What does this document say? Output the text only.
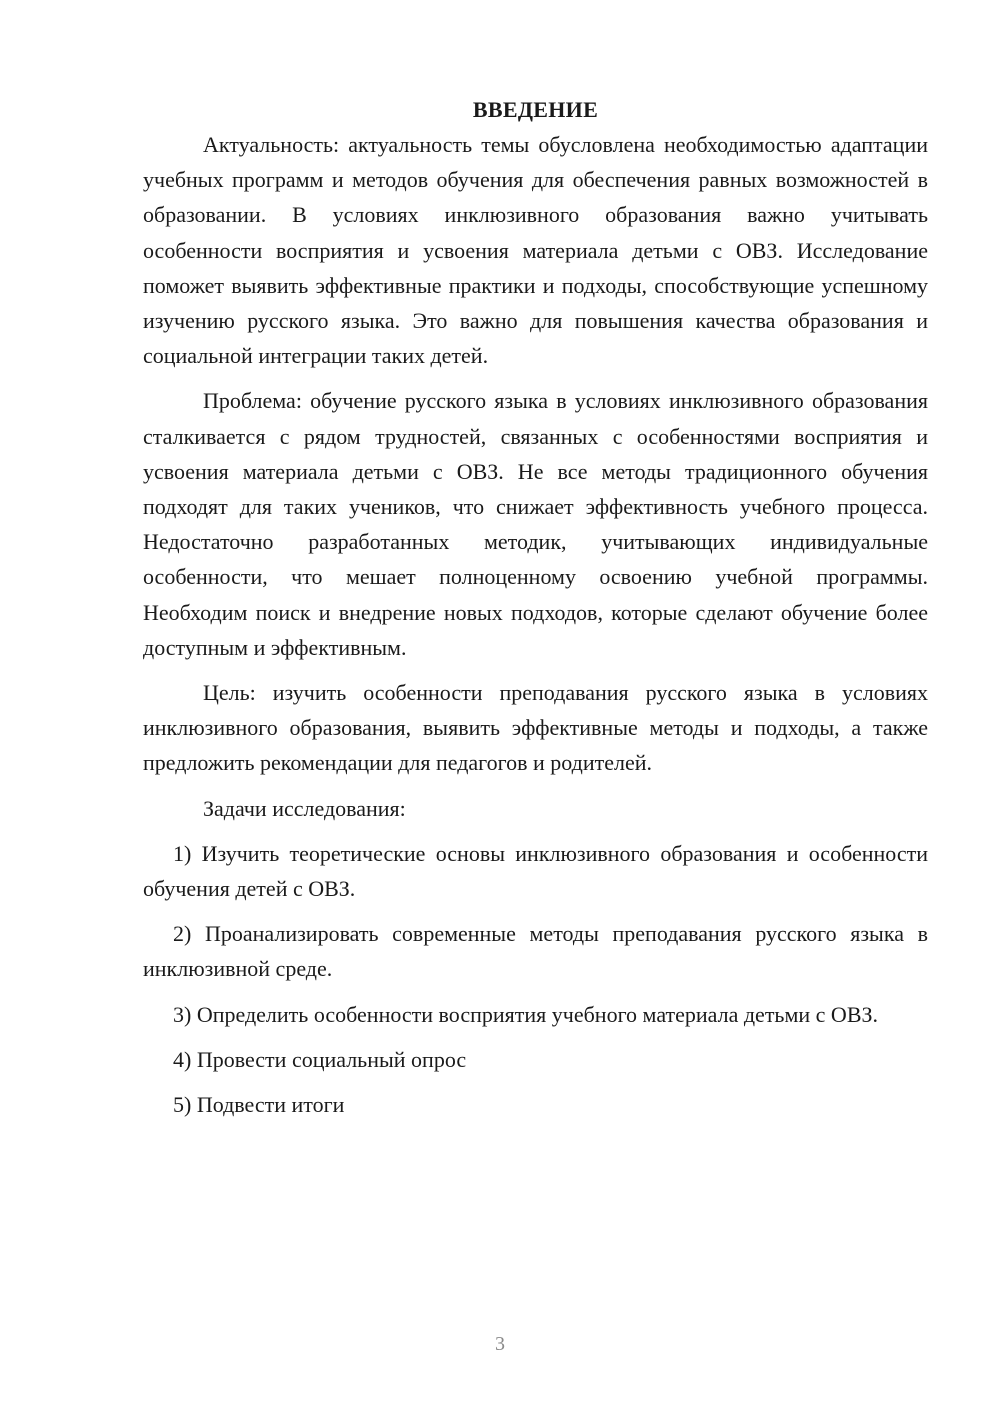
ВВЕДЕНИЕ

Актуальность: актуальность темы обусловлена необходимостью адаптации учебных программ и методов обучения для обеспечения равных возможностей в образовании. В условиях инклюзивного образования важно учитывать особенности восприятия и усвоения материала детьми с ОВЗ. Исследование поможет выявить эффективные практики и подходы, способствующие успешному изучению русского языка. Это важно для повышения качества образования и социальной интеграции таких детей.

Проблема: обучение русского языка в условиях инклюзивного образования сталкивается с рядом трудностей, связанных с особенностями восприятия и усвоения материала детьми с ОВЗ. Не все методы традиционного обучения подходят для таких учеников, что снижает эффективность учебного процесса. Недостаточно разработанных методик, учитывающих индивидуальные особенности, что мешает полноценному освоению учебной программы. Необходим поиск и внедрение новых подходов, которые сделают обучение более доступным и эффективным.

Цель: изучить особенности преподавания русского языка в условиях инклюзивного образования, выявить эффективные методы и подходы, а также предложить рекомендации для педагогов и родителей.

Задачи исследования:

1) Изучить теоретические основы инклюзивного образования и особенности обучения детей с ОВЗ.

2) Проанализировать современные методы преподавания русского языка в инклюзивной среде.

3) Определить особенности восприятия учебного материала детьми с ОВЗ.

4) Провести социальный опрос

5) Подвести итоги

3
